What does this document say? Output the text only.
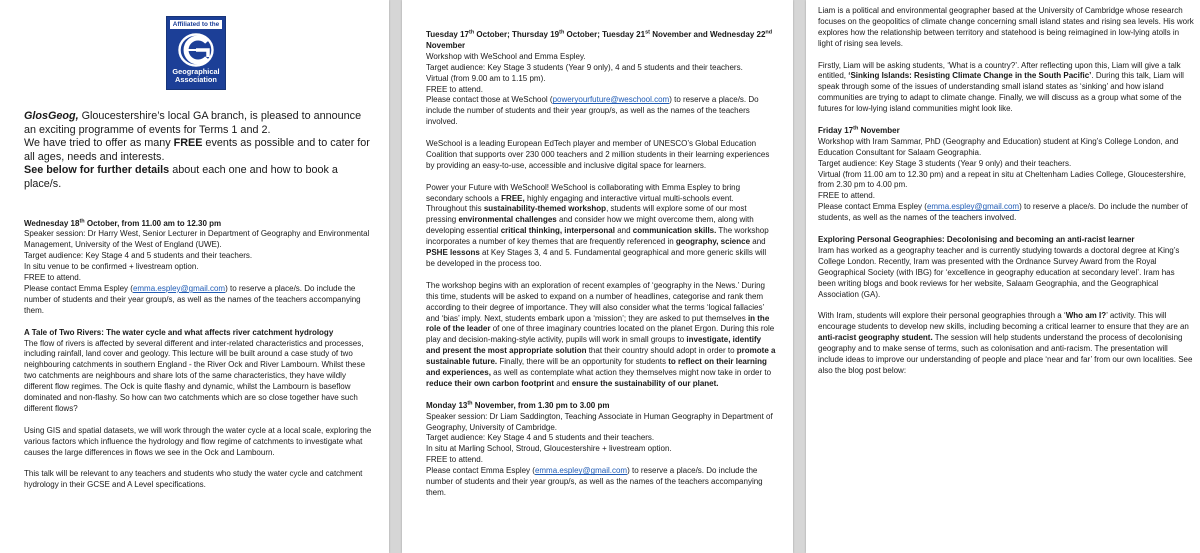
Affiliated to the
Geographical
Association

GlosGeog, Gloucestershire’s local GA branch, is pleased to announce an exciting programme of events for Terms 1 and 2.

We have tried to offer as many FREE events as possible and to cater for all ages, needs and interests.

See below for further details about each one and how to book a place/s.

Wednesday 18th October, from 11.00 am to 12.30 pm

Speaker session: Dr Harry West, Senior Lecturer in Department of Geography and Environmental Management, University of the West of England (UWE).

Target audience: Key Stage 4 and 5 students and their teachers.

In situ venue to be confirmed + livestream option.

FREE to attend.

Please contact Emma Espley (emma.espley@gmail.com) to reserve a place/s. Do include the number of students and their year group/s, as well as the names of the teachers accompanying them.

A Tale of Two Rivers: The water cycle and what affects river catchment hydrology

The flow of rivers is affected by several different and inter-related characteristics and processes, including rainfall, land cover and geology. This lecture will be built around a case study of two neighbouring catchments in southern England - the River Ock and River Lambourn. Whilst these two catchments are neighbours and share lots of the same characteristics, they have wildly different flow regimes. The Ock is quite flashy and dynamic, whilst the Lambourn is baseflow dominated and non-flashy. So how can two catchments which are so close together have such different flows?

Using GIS and spatial datasets, we will work through the water cycle at a local scale, exploring the various factors which influence the hydrology and flow regime of catchments to investigate what causes the large differences in flows we see in the Ock and Lambourn.

This talk will be relevant to any teachers and students who study the water cycle and catchment hydrology in their GCSE and A Level specifications.

Tuesday 17th October; Thursday 19th October; Tuesday 21st November and Wednesday 22nd November

Workshop with WeSchool and Emma Espley.

Target audience: Key Stage 3 students (Year 9 only), 4 and 5 students and their teachers.

Virtual (from 9.00 am to 1.15 pm).

FREE to attend.

Please contact those at WeSchool (poweryourfuture@weschool.com) to reserve a place/s. Do include the number of students and their year group/s, as well as the names of the teachers involved.

WeSchool is a leading European EdTech player and member of UNESCO’s Global Education Coalition that supports over 230 000 teachers and 2 million students in their learning experiences by providing an easy-to-use, accessible and inclusive digital space for learners.

Power your Future with WeSchool! WeSchool is collaborating with Emma Espley to bring secondary schools a FREE, highly engaging and interactive virtual multi-schools event. Throughout this sustainability-themed workshop, students will explore some of our most pressing environmental challenges and consider how we might overcome them, along with developing essential critical thinking, interpersonal and communication skills. The workshop incorporates a number of key themes that are frequently referenced in geography, science and PSHE lessons at Key Stages 3, 4 and 5. Fundamental geographical and more generic skills will be developed in the process too.

The workshop begins with an exploration of recent examples of ‘geography in the News.’ During this time, students will be asked to expand on a number of headlines, categorise and rank them according to their degree of importance. They will also consider what the terms ‘logical fallacies’ and ‘bias’ imply. Next, students embark upon a ‘mission’; they are asked to put themselves in the role of the leader of one of three imaginary countries located on the planet Ergon. During this role play and decision-making-style activity, pupils will work in small groups to investigate, identify and present the most appropriate solution that their country should adopt in order to promote a sustainable future. Finally, there will be an opportunity for students to reflect on their learning and experiences, as well as contemplate what action they themselves might now take in order to reduce their own carbon footprint and ensure the sustainability of our planet.

Monday 13th November, from 1.30 pm to 3.00 pm

Speaker session: Dr Liam Saddington, Teaching Associate in Human Geography in Department of Geography, University of Cambridge.

Target audience: Key Stage 4 and 5 students and their teachers.

In situ at Marling School, Stroud, Gloucestershire + livestream option.

FREE to attend.

Please contact Emma Espley (emma.espley@gmail.com) to reserve a place/s. Do include the number of students and their year group/s, as well as the names of the teachers accompanying them.

Liam is a political and environmental geographer based at the University of Cambridge whose research focuses on the geopolitics of climate change concerning small island states and rising sea levels. His work explores how the relationship between territory and statehood is being reimagined in low-lying atolls in light of rising sea levels.

Firstly, Liam will be asking students, ‘What is a country?’. After reflecting upon this, Liam will give a talk entitled, ‘Sinking Islands: Resisting Climate Change in the South Pacific’. During this talk, Liam will speak through some of the issues of understanding small island states as ‘sinking’ and how island communities are trying to adapt to climate change. Finally, we will discuss as a group what some of the futures for low-lying island communities might look like.

Friday 17th November

Workshop with Iram Sammar, PhD (Geography and Education) student at King’s College London, and Education Consultant for Salaam Geographia.

Target audience: Key Stage 3 students (Year 9 only) and their teachers.

Virtual (from 11.00 am to 12.30 pm) and a repeat in situ at Cheltenham Ladies College, Gloucestershire, from 2.30 pm to 4.00 pm.

FREE to attend.

Please contact Emma Espley (emma.espley@gmail.com) to reserve a place/s. Do include the number of students, as well as the names of the teachers involved.

Exploring Personal Geographies: Decolonising and becoming an anti-racist learner

Iram has worked as a geography teacher and is currently studying towards a doctoral degree at King’s College London. Recently, Iram was presented with the Ordnance Survey Award from the Royal Geographical Society (with IBG) for ‘excellence in geography education at secondary level’. Iram has been writing blogs and book reviews for her website, Salaam Geographia, and the Geographical Association (GA).

With Iram, students will explore their personal geographies through a ‘Who am I?’ activity. This will encourage students to develop new skills, including becoming a critical learner to ensure that they are an anti-racist geography student. The session will help students understand the process of decolonising geography and to make sense of terms, such as colonisation and anti-racism. The presentation will include ideas to improve our understanding of people and place ‘near and far’ from our own localities. See also the blog post below:
